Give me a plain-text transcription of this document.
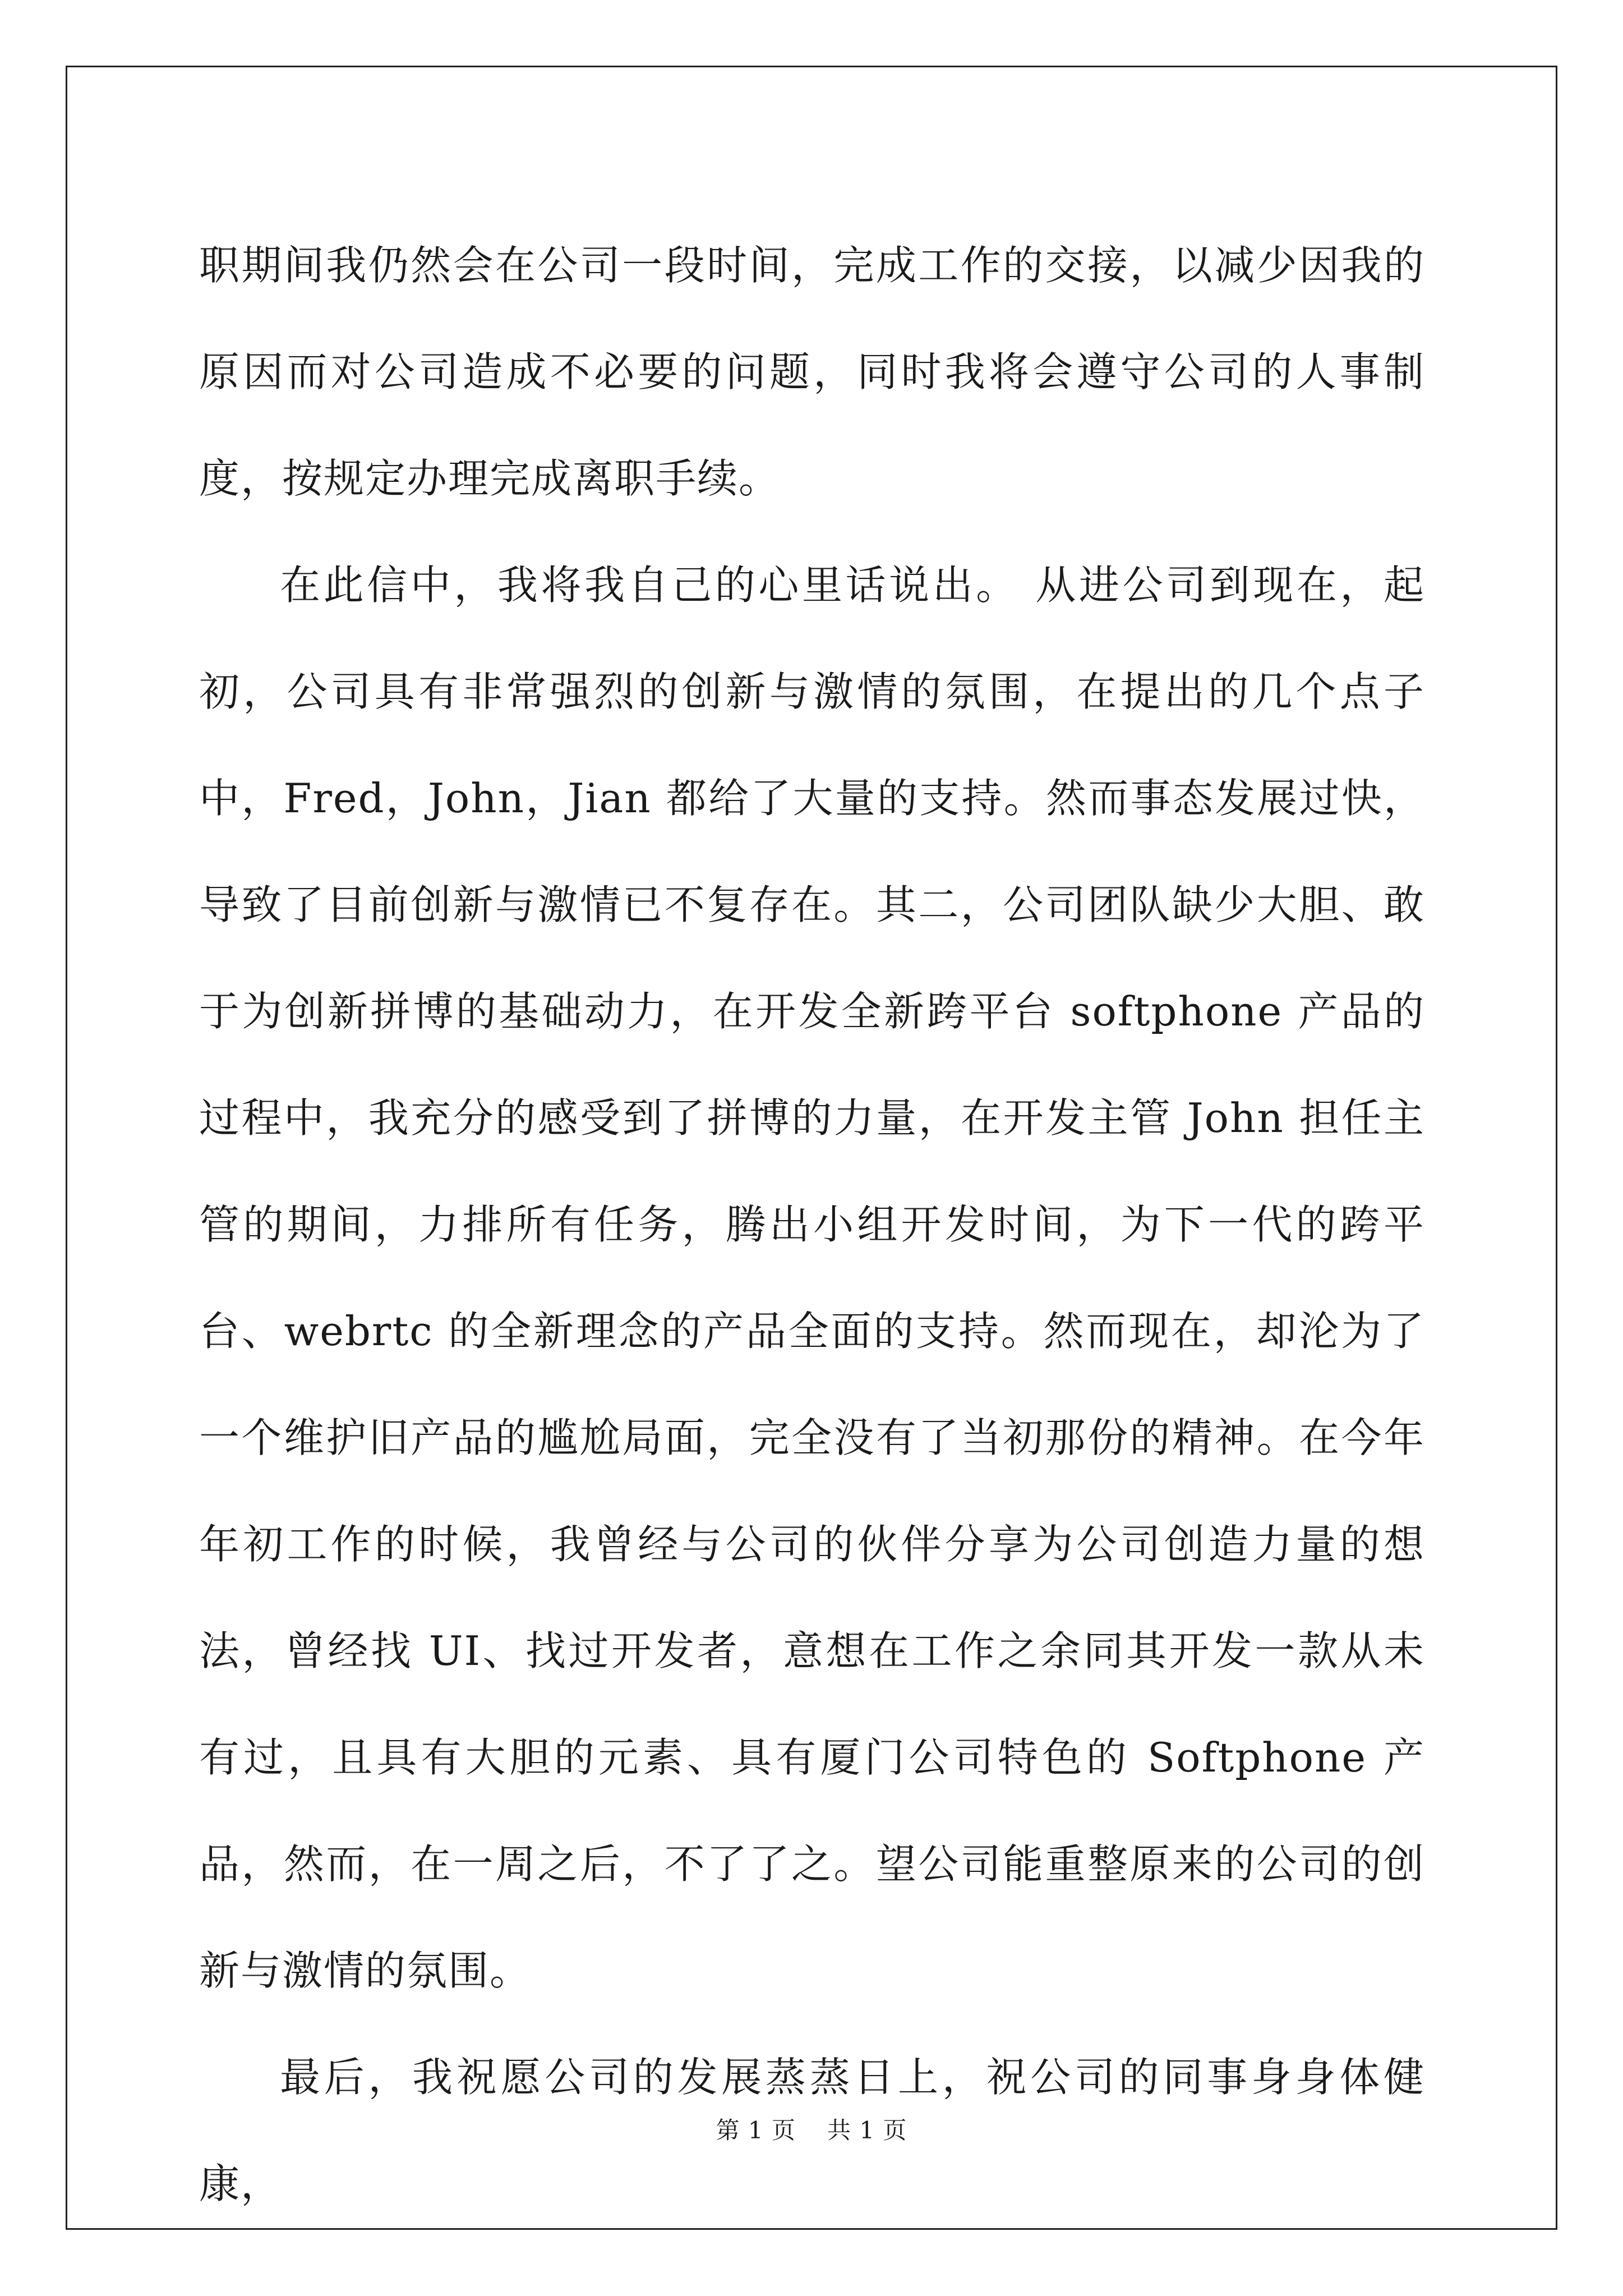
职期间我仍然会在公司一段时间，完成工作的交接，以减少因我的原因而对公司造成不必要的问题，同时我将会遵守公司的人事制度，按规定办理完成离职手续。

在此信中，我将我自己的心里话说出。 从进公司到现在，起初，公司具有非常强烈的创新与激情的氛围，在提出的几个点子中，Fred，John，Jian 都给了大量的支持。然而事态发展过快，导致了目前创新与激情已不复存在。其二，公司团队缺少大胆、敢于为创新拼博的基础动力，在开发全新跨平台 softphone 产品的过程中，我充分的感受到了拼博的力量，在开发主管 John 担任主管的期间，力排所有任务，腾出小组开发时间，为下一代的跨平台、webrtc 的全新理念的产品全面的支持。然而现在，却沦为了一个维护旧产品的尴尬局面，完全没有了当初那份的精神。在今年年初工作的时候，我曾经与公司的伙伴分享为公司创造力量的想法，曾经找 UI、找过开发者，意想在工作之余同其开发一款从未有过，且具有大胆的元素、具有厦门公司特色的 Softphone 产品，然而，在一周之后，不了了之。望公司能重整原来的公司的创新与激情的氛围。

最后，我祝愿公司的发展蒸蒸日上，祝公司的同事身身体健康，

第 1 页 共 1 页
